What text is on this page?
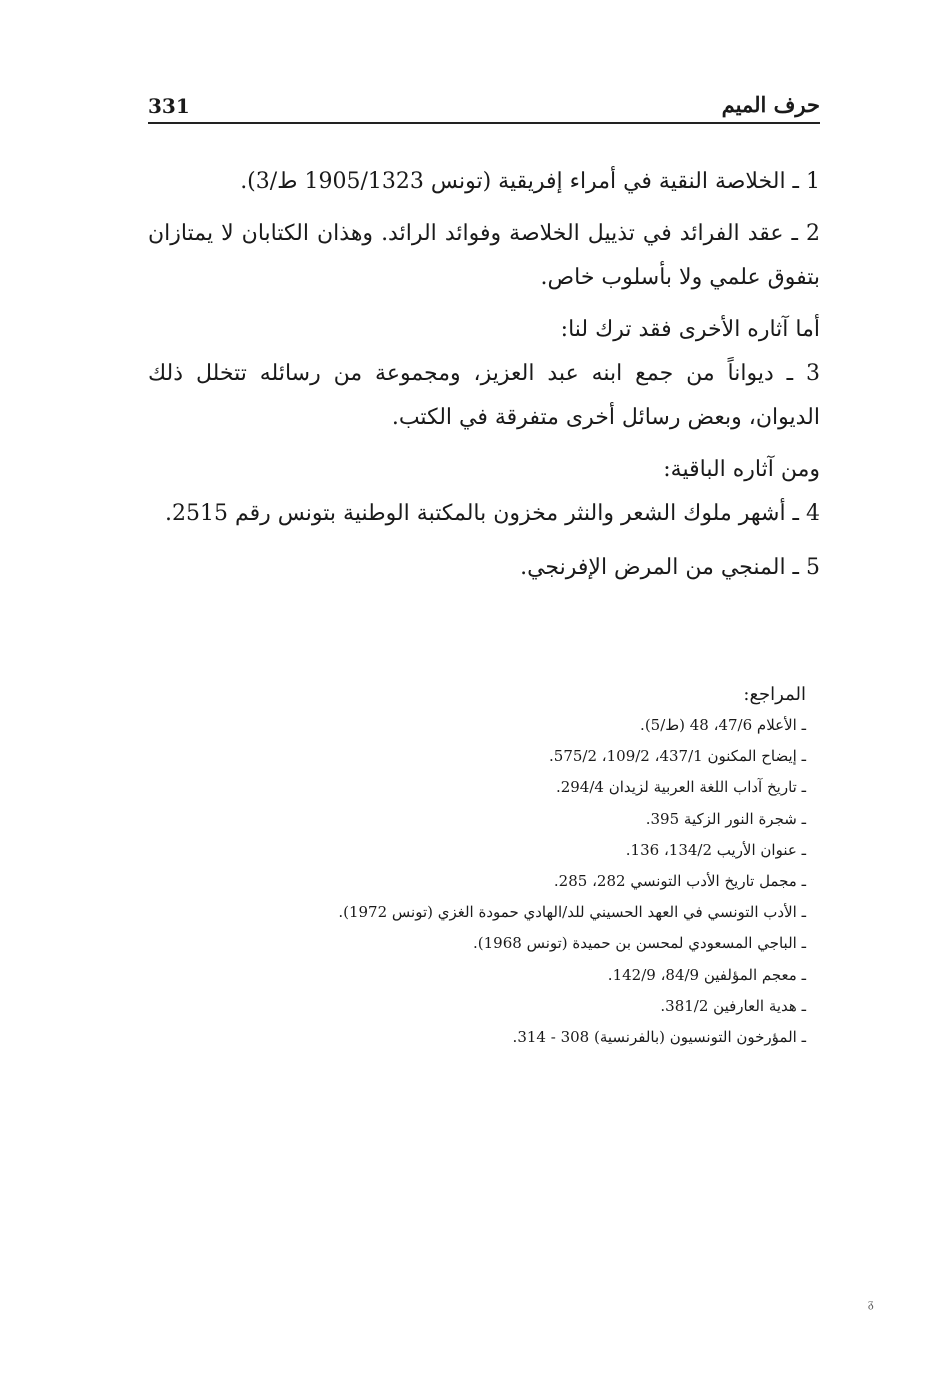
حرف الميم
331

1 ـ الخلاصة النقية في أمراء إفريقية (تونس 1905/1323 ط/3).

2 ـ عقد الفرائد في تذييل الخلاصة وفوائد الرائد. وهذان الكتابان لا يمتازان بتفوق علمي ولا بأسلوب خاص.

أما آثاره الأخرى فقد ترك لنا:

3 ـ ديواناً من جمع ابنه عبد العزيز، ومجموعة من رسائله تتخلل ذلك الديوان، وبعض رسائل أخرى متفرقة في الكتب.

ومن آثاره الباقية:

4 ـ أشهر ملوك الشعر والنثر مخزون بالمكتبة الوطنية بتونس رقم 2515.

5 ـ المنجي من المرض الإفرنجي.

المراجع:

ـ الأعلام 47/6، 48 (ط/5).

ـ إيضاح المكنون 437/1، 109/2، 575/2.

ـ تاريخ آداب اللغة العربية لزيدان 294/4.

ـ شجرة النور الزكية 395.

ـ عنوان الأريب 134/2، 136.

ـ مجمل تاريخ الأدب التونسي 282، 285.

ـ الأدب التونسي في العهد الحسيني للد/الهادي حمودة الغزي (تونس 1972).

ـ الباجي المسعودي لمحسن بن حميدة (تونس 1968).

ـ معجم المؤلفين 84/9، 142/9.

ـ هدية العارفين 381/2.

ـ المؤرخون التونسيون (بالفرنسية) 308 - 314.

ᵹ
